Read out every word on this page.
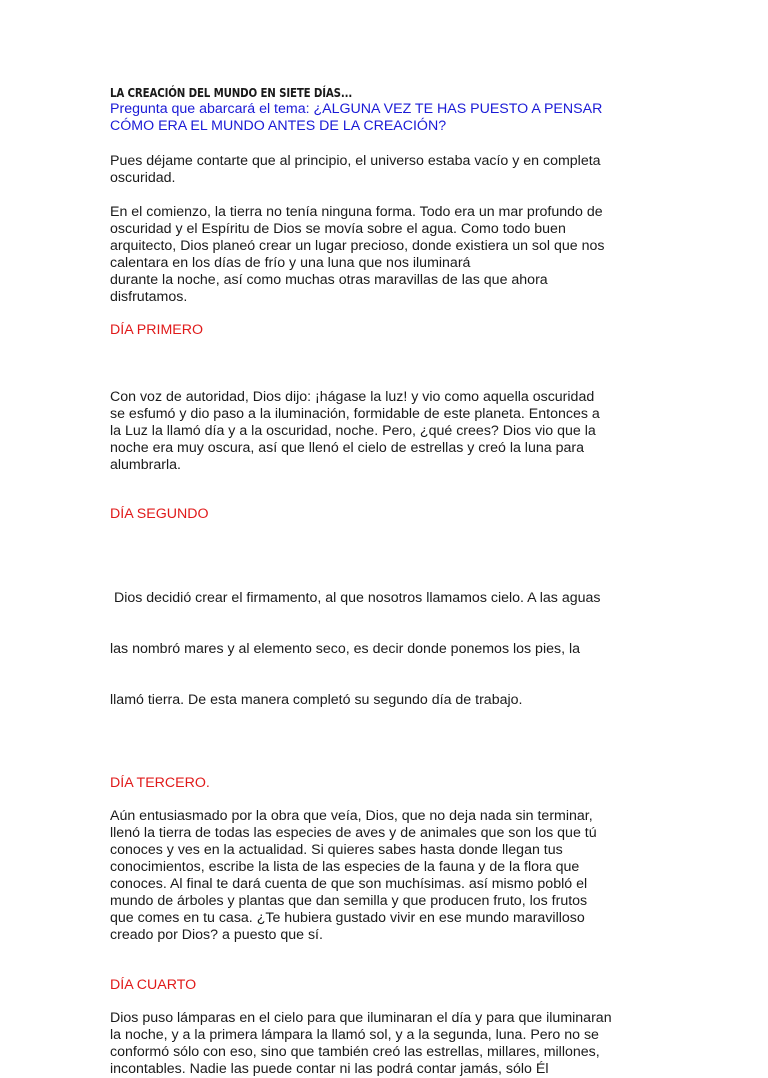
LA CREACIÓN DEL MUNDO EN SIETE DÍAS...

Pregunta que abarcará el tema: ¿ALGUNA VEZ TE HAS PUESTO A PENSAR
CÓMO ERA EL MUNDO ANTES DE LA CREACIÓN?

Pues déjame contarte que al principio, el universo estaba vacío y en completa
oscuridad.

En el comienzo, la tierra no tenía ninguna forma. Todo era un mar profundo de
oscuridad y el Espíritu de Dios se movía sobre el agua. Como todo buen
arquitecto, Dios planeó crear un lugar precioso, donde existiera un sol que nos
calentara en los días de frío y una luna que nos iluminará
durante la noche, así como muchas otras maravillas de las que ahora
disfrutamos.

DÍA PRIMERO

Con voz de autoridad, Dios dijo: ¡hágase la luz! y vio como aquella oscuridad
se esfumó y dio paso a la iluminación, formidable de este planeta. Entonces a
la Luz la llamó día y a la oscuridad, noche. Pero, ¿qué crees? Dios vio que la
noche era muy oscura, así que llenó el cielo de estrellas y creó la luna para
alumbrarla.

DÍA SEGUNDO

Dios decidió crear el firmamento, al que nosotros llamamos cielo. A las aguas

las nombró mares y al elemento seco, es decir donde ponemos los pies, la

llamó tierra. De esta manera completó su segundo día de trabajo.

DÍA TERCERO.

Aún entusiasmado por la obra que veía, Dios, que no deja nada sin terminar,
llenó la tierra de todas las especies de aves y de animales que son los que tú
conoces y ves en la actualidad. Si quieres sabes hasta donde llegan tus
conocimientos, escribe la lista de las especies de la fauna y de la flora que
conoces. Al final te dará cuenta de que son muchísimas. así mismo pobló el
mundo de árboles y plantas que dan semilla y que producen fruto, los frutos
que comes en tu casa. ¿Te hubiera gustado vivir en ese mundo maravilloso
creado por Dios? a puesto que sí.

DÍA CUARTO

Dios puso lámparas en el cielo para que iluminaran el día y para que iluminaran
la noche, y a la primera lámpara la llamó sol, y a la segunda, luna. Pero no se
conformó sólo con eso, sino que también creó las estrellas, millares, millones,
incontables. Nadie las puede contar ni las podrá contar jamás, sólo Él
